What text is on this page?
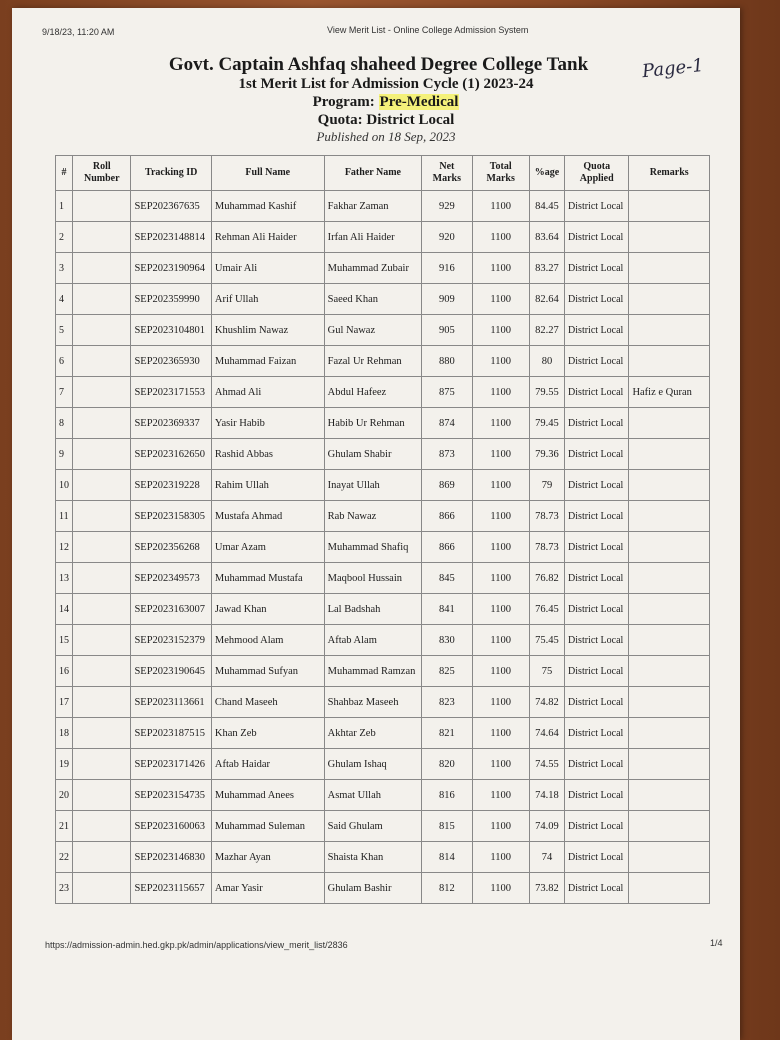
9/18/23, 11:20 AM	View Merit List - Online College Admission System
Page-1
Govt. Captain Ashfaq shaheed Degree College Tank
1st Merit List for Admission Cycle (1) 2023-24
Program: Pre-Medical
Quota: District Local
Published on 18 Sep, 2023
#	Roll Number	Tracking ID	Full Name	Father Name	Net Marks	Total Marks	%age	Quota Applied	Remarks
1		SEP202367635	Muhammad Kashif	Fakhar Zaman	929	1100	84.45	District Local	
2		SEP2023148814	Rehman Ali Haider	Irfan Ali Haider	920	1100	83.64	District Local	
3		SEP2023190964	Umair Ali	Muhammad Zubair	916	1100	83.27	District Local	
4		SEP202359990	Arif Ullah	Saeed Khan	909	1100	82.64	District Local	
5		SEP2023104801	Khushlim Nawaz	Gul Nawaz	905	1100	82.27	District Local	
6		SEP202365930	Muhammad Faizan	Fazal Ur Rehman	880	1100	80	District Local	
7		SEP2023171553	Ahmad Ali	Abdul Hafeez	875	1100	79.55	District Local	Hafiz e Quran
8		SEP202369337	Yasir Habib	Habib Ur Rehman	874	1100	79.45	District Local	
9		SEP2023162650	Rashid Abbas	Ghulam Shabir	873	1100	79.36	District Local	
10		SEP202319228	Rahim Ullah	Inayat Ullah	869	1100	79	District Local	
11		SEP2023158305	Mustafa Ahmad	Rab Nawaz	866	1100	78.73	District Local	
12		SEP202356268	Umar Azam	Muhammad Shafiq	866	1100	78.73	District Local	
13		SEP202349573	Muhammad Mustafa	Maqbool Hussain	845	1100	76.82	District Local	
14		SEP2023163007	Jawad Khan	Lal Badshah	841	1100	76.45	District Local	
15		SEP2023152379	Mehmood Alam	Aftab Alam	830	1100	75.45	District Local	
16		SEP2023190645	Muhammad Sufyan	Muhammad Ramzan	825	1100	75	District Local	
17		SEP2023113661	Chand Maseeh	Shahbaz Maseeh	823	1100	74.82	District Local	
18		SEP2023187515	Khan Zeb	Akhtar Zeb	821	1100	74.64	District Local	
19		SEP2023171426	Aftab Haidar	Ghulam Ishaq	820	1100	74.55	District Local	
20		SEP2023154735	Muhammad Anees	Asmat Ullah	816	1100	74.18	District Local	
21		SEP2023160063	Muhammad Suleman	Said Ghulam	815	1100	74.09	District Local	
22		SEP2023146830	Mazhar Ayan	Shaista Khan	814	1100	74	District Local	
23		SEP2023115657	Amar Yasir	Ghulam Bashir	812	1100	73.82	District Local	
https://admission-admin.hed.gkp.pk/admin/applications/view_merit_list/2836	1/4
